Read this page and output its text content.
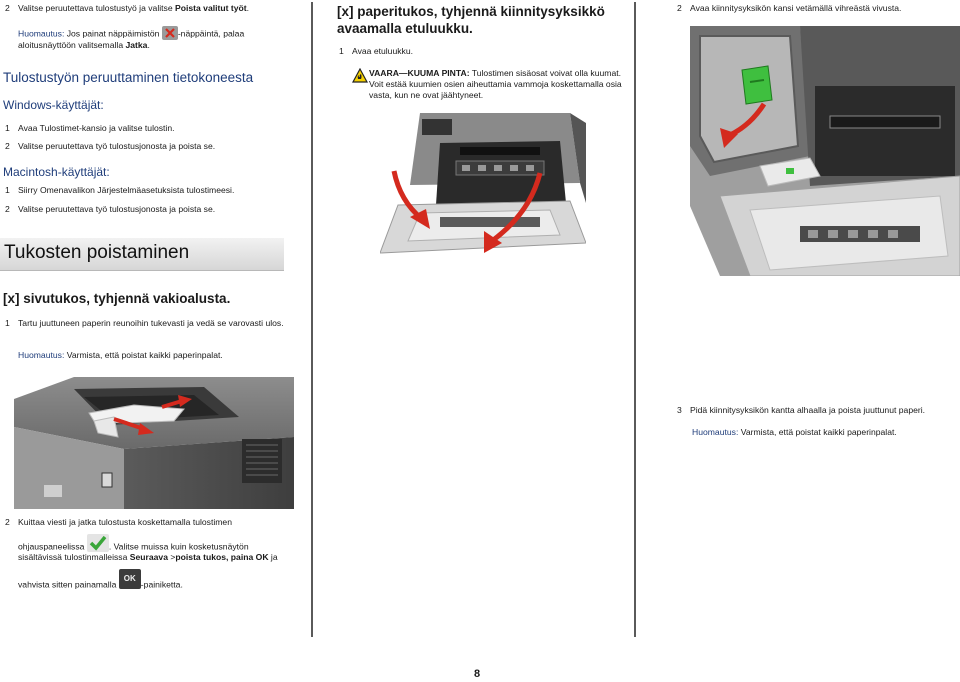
2 Valitse peruutettava tulostustyö ja valitse Poista valitut työt.
Huomautus: Jos painat näppäimistön -näppäintä, palaa
aloitusnäyttöön valitsemalla Jatka.
Tulostustyön peruuttaminen tietokoneesta
Windows-käyttäjät:
1 Avaa Tulostimet-kansio ja valitse tulostin.
2 Valitse peruutettava työ tulostusjonosta ja poista se.
Macintosh-käyttäjät:
1 Siirry Omenavalikon Järjestelmäasetuksista tulostimeesi.
2 Valitse peruutettava työ tulostusjonosta ja poista se.
Tukosten poistaminen
[x] sivutukos, tyhjennä vakioalusta.
1 Tartu juuttuneen paperin reunoihin tukevasti ja vedä se varovasti ulos.
Huomautus: Varmista, että poistat kaikki paperinpalat.
2 Kuittaa viesti ja jatka tulostusta koskettamalla tulostimen
ohjauspaneelissa	. Valitse muissa kuin kosketusnäytön
sisältävissä tulostinmalleissa Seuraava >poista tukos, paina OK ja
vahvista sitten painamalla OK-painiketta.
[x] paperitukos, tyhjennä kiinnitysyksikkö avaamalla etuluukku.
1 Avaa etuluukku.
VAARA—KUUMA PINTA: Tulostimen sisäosat voivat olla kuumat. Voit estää kuumien osien aiheuttamia vammoja koskettamalla osia vasta, kun ne ovat jäähtyneet.
2 Avaa kiinnitysyksikön kansi vetämällä vihreästä vivusta.
3 Pidä kiinnitysyksikön kantta alhaalla ja poista juuttunut paperi.
Huomautus: Varmista, että poistat kaikki paperinpalat.
8
